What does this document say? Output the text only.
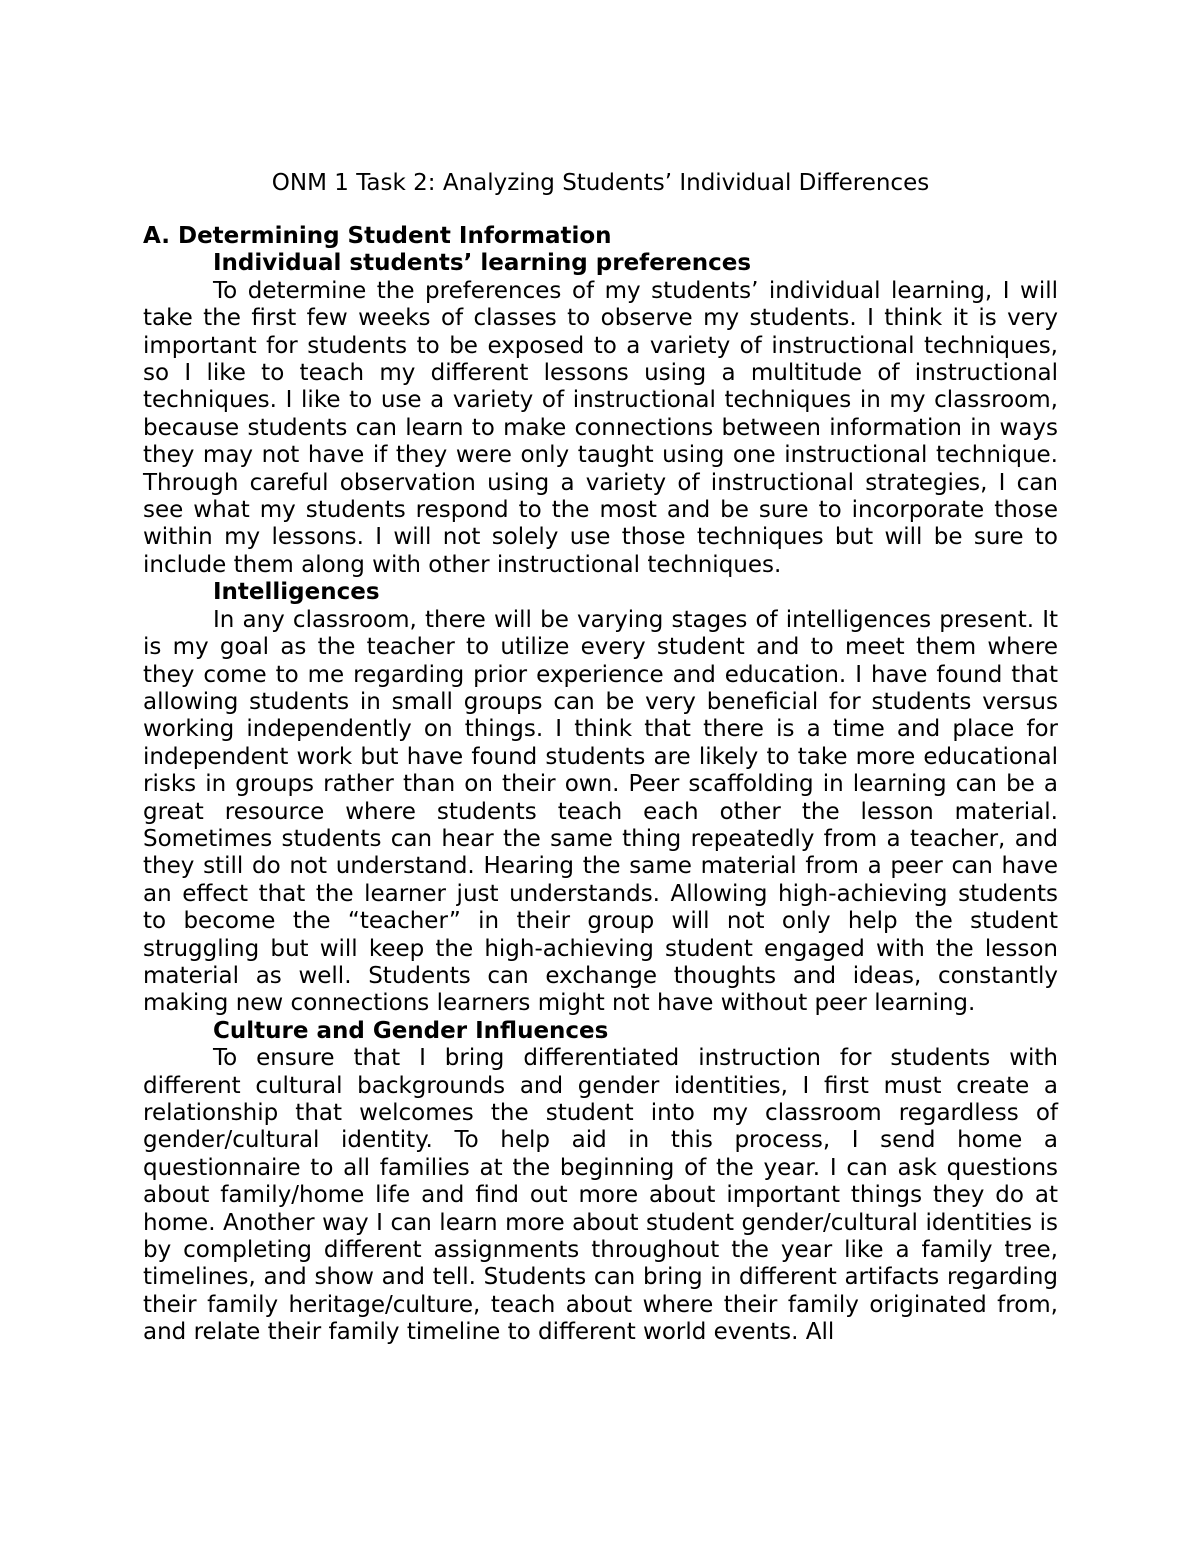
ONM 1 Task 2: Analyzing Students’ Individual Differences

A. Determining Student Information

Individual students’ learning preferences

To determine the preferences of my students’ individual learning, I will take the first few weeks of classes to observe my students. I think it is very important for students to be exposed to a variety of instructional techniques, so I like to teach my different lessons using a multitude of instructional techniques. I like to use a variety of instructional techniques in my classroom, because students can learn to make connections between information in ways they may not have if they were only taught using one instructional technique. Through careful observation using a variety of instructional strategies, I can see what my students respond to the most and be sure to incorporate those within my lessons. I will not solely use those techniques but will be sure to include them along with other instructional techniques.

Intelligences

In any classroom, there will be varying stages of intelligences present. It is my goal as the teacher to utilize every student and to meet them where they come to me regarding prior experience and education. I have found that allowing students in small groups can be very beneficial for students versus working independently on things. I think that there is a time and place for independent work but have found students are likely to take more educational risks in groups rather than on their own. Peer scaffolding in learning can be a great resource where students teach each other the lesson material. Sometimes students can hear the same thing repeatedly from a teacher, and they still do not understand. Hearing the same material from a peer can have an effect that the learner just understands. Allowing high-achieving students to become the “teacher” in their group will not only help the student struggling but will keep the high-achieving student engaged with the lesson material as well. Students can exchange thoughts and ideas, constantly making new connections learners might not have without peer learning.

Culture and Gender Influences

To ensure that I bring differentiated instruction for students with different cultural backgrounds and gender identities, I first must create a relationship that welcomes the student into my classroom regardless of gender/cultural identity. To help aid in this process, I send home a questionnaire to all families at the beginning of the year. I can ask questions about family/home life and find out more about important things they do at home. Another way I can learn more about student gender/cultural identities is by completing different assignments throughout the year like a family tree, timelines, and show and tell. Students can bring in different artifacts regarding their family heritage/culture, teach about where their family originated from, and relate their family timeline to different world events. All
